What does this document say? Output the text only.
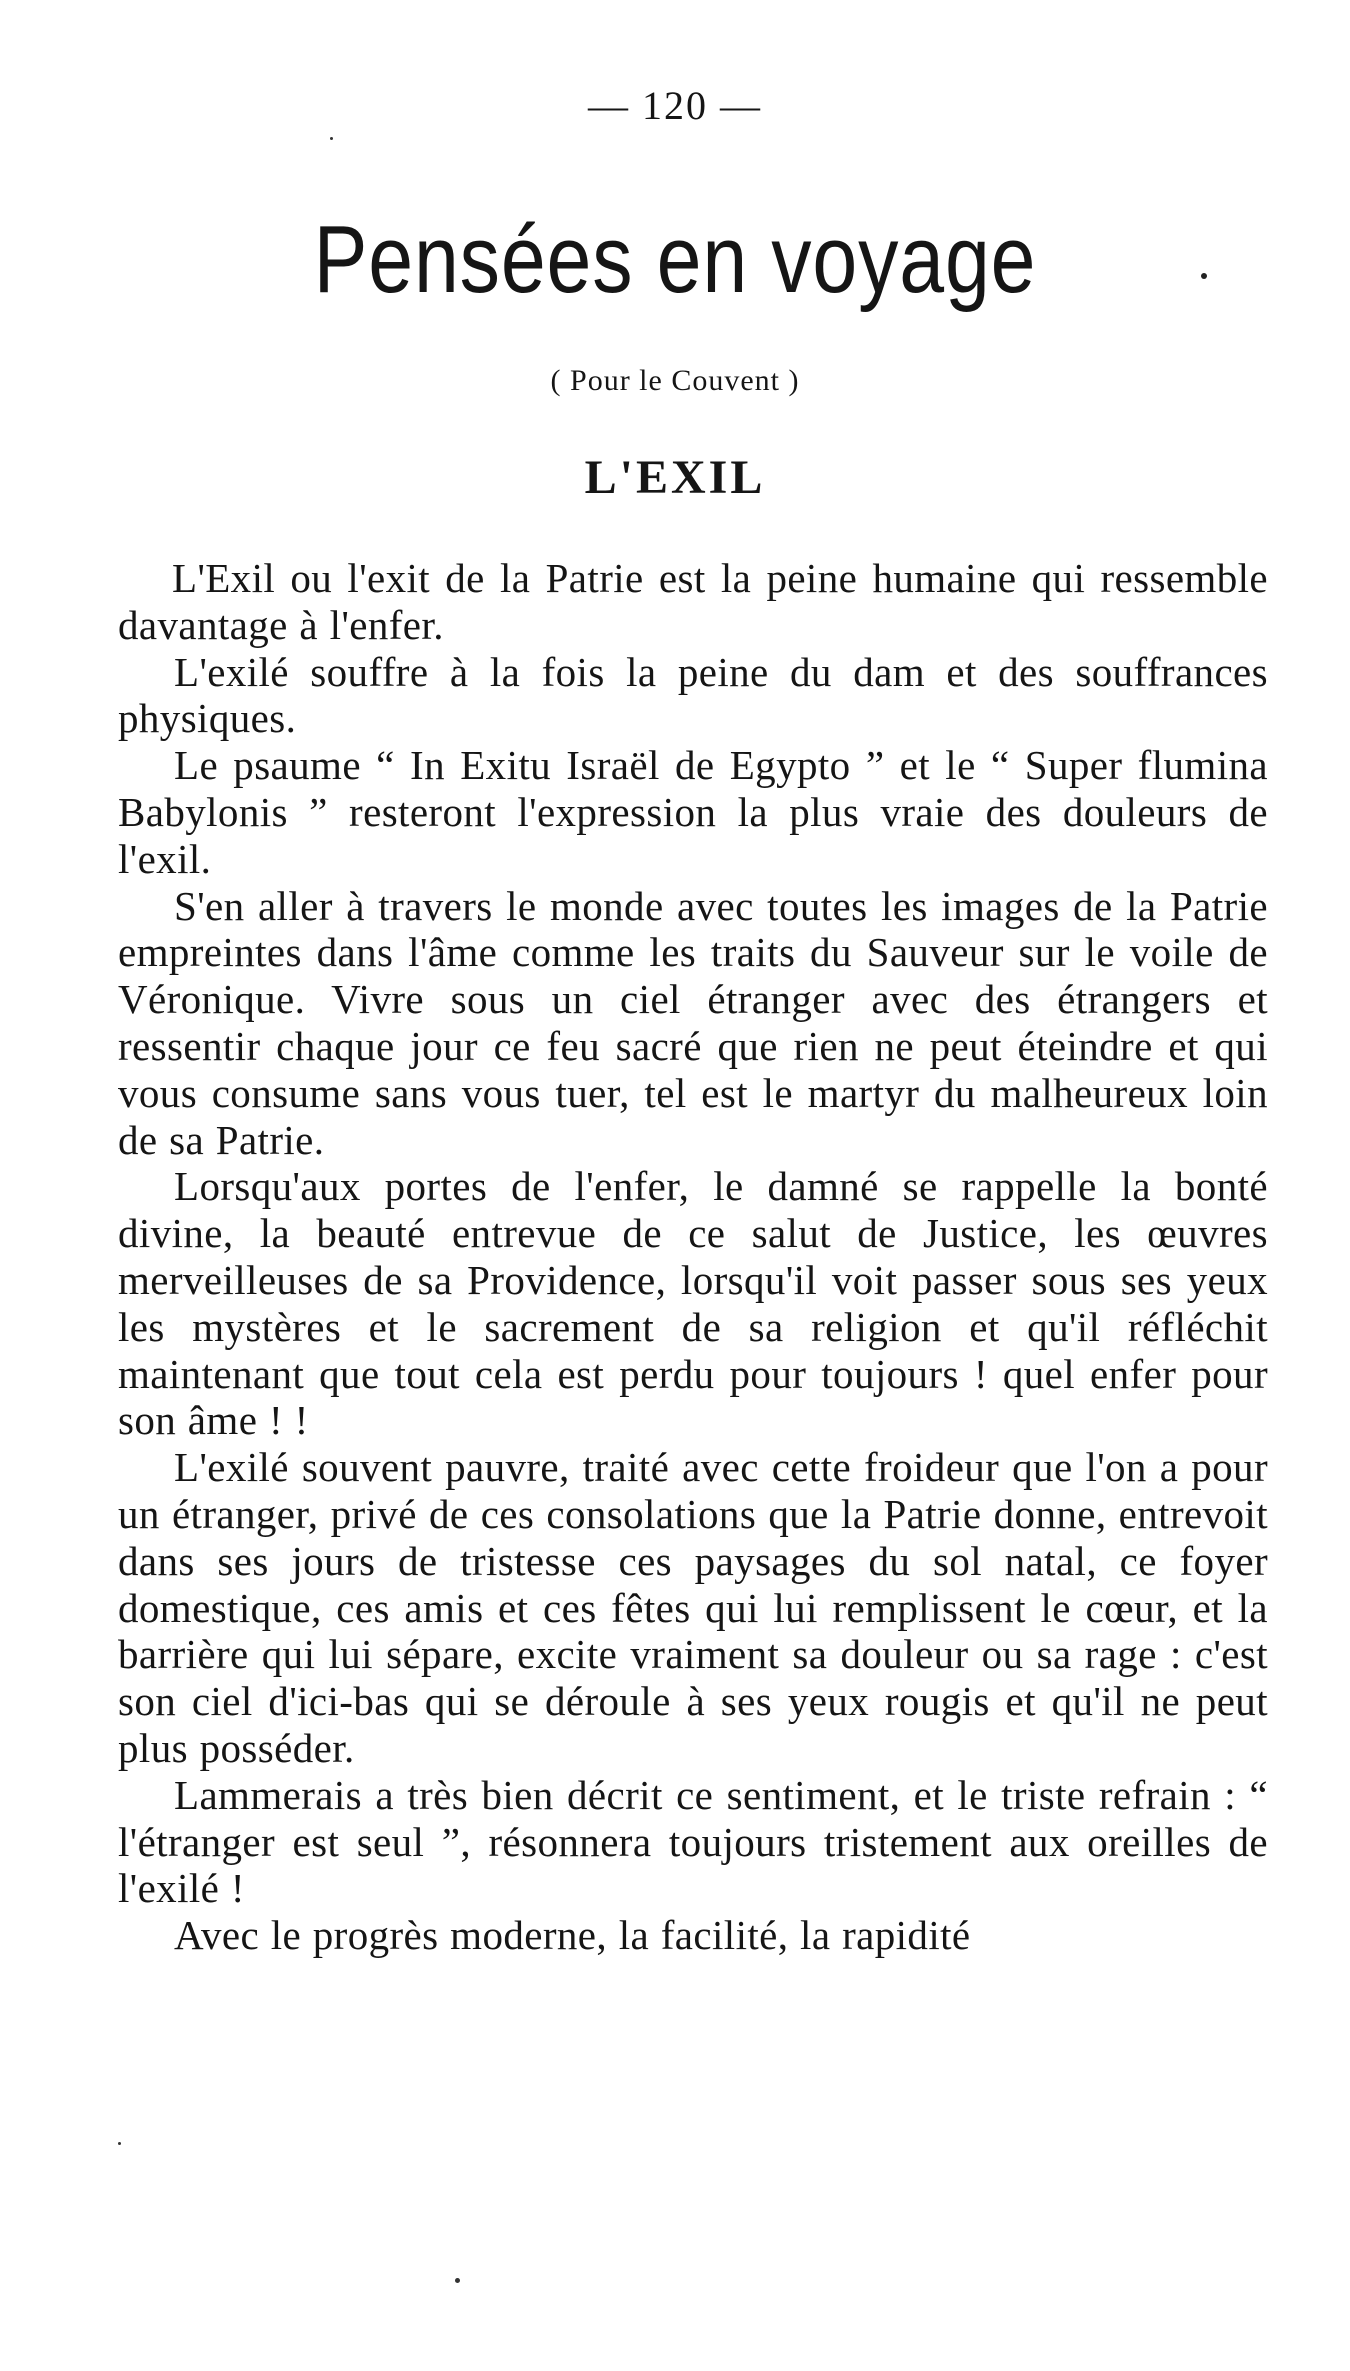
— 120 —
Pensées en voyage
( Pour le Couvent )
L'EXIL

L'Exil ou l'exit de la Patrie est la peine humaine qui ressemble davantage à l'enfer.

L'exilé souffre à la fois la peine du dam et des souffrances physiques.

Le psaume “ In Exitu Israël de Egypto ” et le “ Super flumina Babylonis ” resteront l'expression la plus vraie des douleurs de l'exil.

S'en aller à travers le monde avec toutes les images de la Patrie empreintes dans l'âme comme les traits du Sauveur sur le voile de Véronique. Vivre sous un ciel étranger avec des étrangers et ressentir chaque jour ce feu sacré que rien ne peut éteindre et qui vous consume sans vous tuer, tel est le martyr du malheureux loin de sa Patrie.

Lorsqu'aux portes de l'enfer, le damné se rappelle la bonté divine, la beauté entrevue de ce salut de Justice, les œuvres merveilleuses de sa Providence, lorsqu'il voit passer sous ses yeux les mystères et le sacrement de sa religion et qu'il réfléchit maintenant que tout cela est perdu pour toujours ! quel enfer pour son âme ! !

L'exilé souvent pauvre, traité avec cette froideur que l'on a pour un étranger, privé de ces consolations que la Patrie donne, entrevoit dans ses jours de tristesse ces paysages du sol natal, ce foyer domestique, ces amis et ces fêtes qui lui remplissent le cœur, et la barrière qui lui sépare, excite vraiment sa douleur ou sa rage : c'est son ciel d'ici-bas qui se déroule à ses yeux rougis et qu'il ne peut plus posséder.

Lammerais a très bien décrit ce sentiment, et le triste refrain : “ l'étranger est seul ”, résonnera toujours tristement aux oreilles de l'exilé !

Avec le progrès moderne, la facilité, la rapidité
